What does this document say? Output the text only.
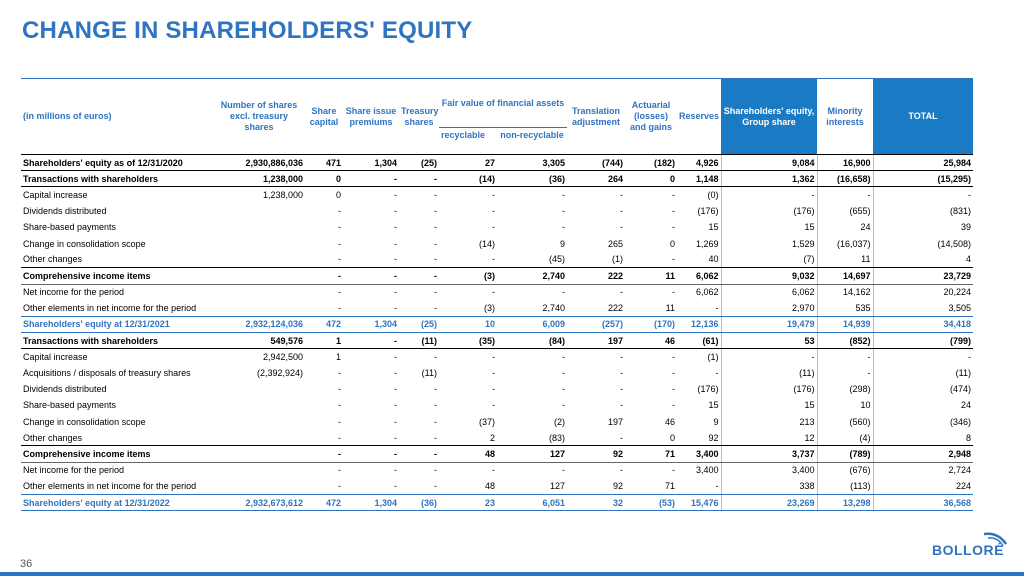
CHANGE IN SHAREHOLDERS' EQUITY
(in millions of euros)	Number of shares excl. treasury shares	Share capital	Share issue premiums	Treasury shares	Fair value of financial assets		Translation adjustment	Actuarial (losses) and gains	Reserves	Shareholders' equity, Group share	Minority interests	TOTAL
					recyclable	non-recyclable						

Shareholders' equity as of 12/31/2020	2,930,886,036	471	1,304	(25)	27	3,305	(744)	(182)	4,926	9,084	16,900	25,984
Transactions with shareholders	1,238,000	0	-	-	(14)	(36)	264	0	1,148	1,362	(16,658)	(15,295)
Capital increase	1,238,000	0	-	-	-	-	-	-	(0)	-	-	-
Dividends distributed		-	-	-	-	-	-	-	(176)	(176)	(655)	(831)
Share-based payments		-	-	-	-	-	-	-	15	15	24	39
Change in consolidation scope		-	-	-	(14)	9	265	0	1,269	1,529	(16,037)	(14,508)
Other changes		-	-	-	-	(45)	(1)	-	40	(7)	11	4
Comprehensive income items		-	-	-	(3)	2,740	222	11	6,062	9,032	14,697	23,729
Net income for the period		-	-	-	-	-	-	-	6,062	6,062	14,162	20,224
Other elements in net income for the period		-	-	-	(3)	2,740	222	11	-	2,970	535	3,505
Shareholders' equity at 12/31/2021	2,932,124,036	472	1,304	(25)	10	6,009	(257)	(170)	12,136	19,479	14,939	34,418
Transactions with shareholders	549,576	1	-	(11)	(35)	(84)	197	46	(61)	53	(852)	(799)
Capital increase	2,942,500	1	-	-	-	-	-	-	(1)	-	-	-
Acquisitions / disposals of treasury shares	(2,392,924)	-	-	(11)	-	-	-	-	-	(11)	-	(11)
Dividends distributed		-	-	-	-	-	-	-	(176)	(176)	(298)	(474)
Share-based payments		-	-	-	-	-	-	-	15	15	10	24
Change in consolidation scope		-	-	-	(37)	(2)	197	46	9	213	(560)	(346)
Other changes		-	-	-	2	(83)	-	0	92	12	(4)	8
Comprehensive income items		-	-	-	48	127	92	71	3,400	3,737	(789)	2,948
Net income for the period		-	-	-	-	-	-	-	3,400	3,400	(676)	2,724
Other elements in net income for the period		-	-	-	48	127	92	71	-	338	(113)	224
Shareholders' equity at 12/31/2022	2,932,673,612	472	1,304	(36)	23	6,051	32	(53)	15,476	23,269	13,298	36,568
36
BOLLORÉ
